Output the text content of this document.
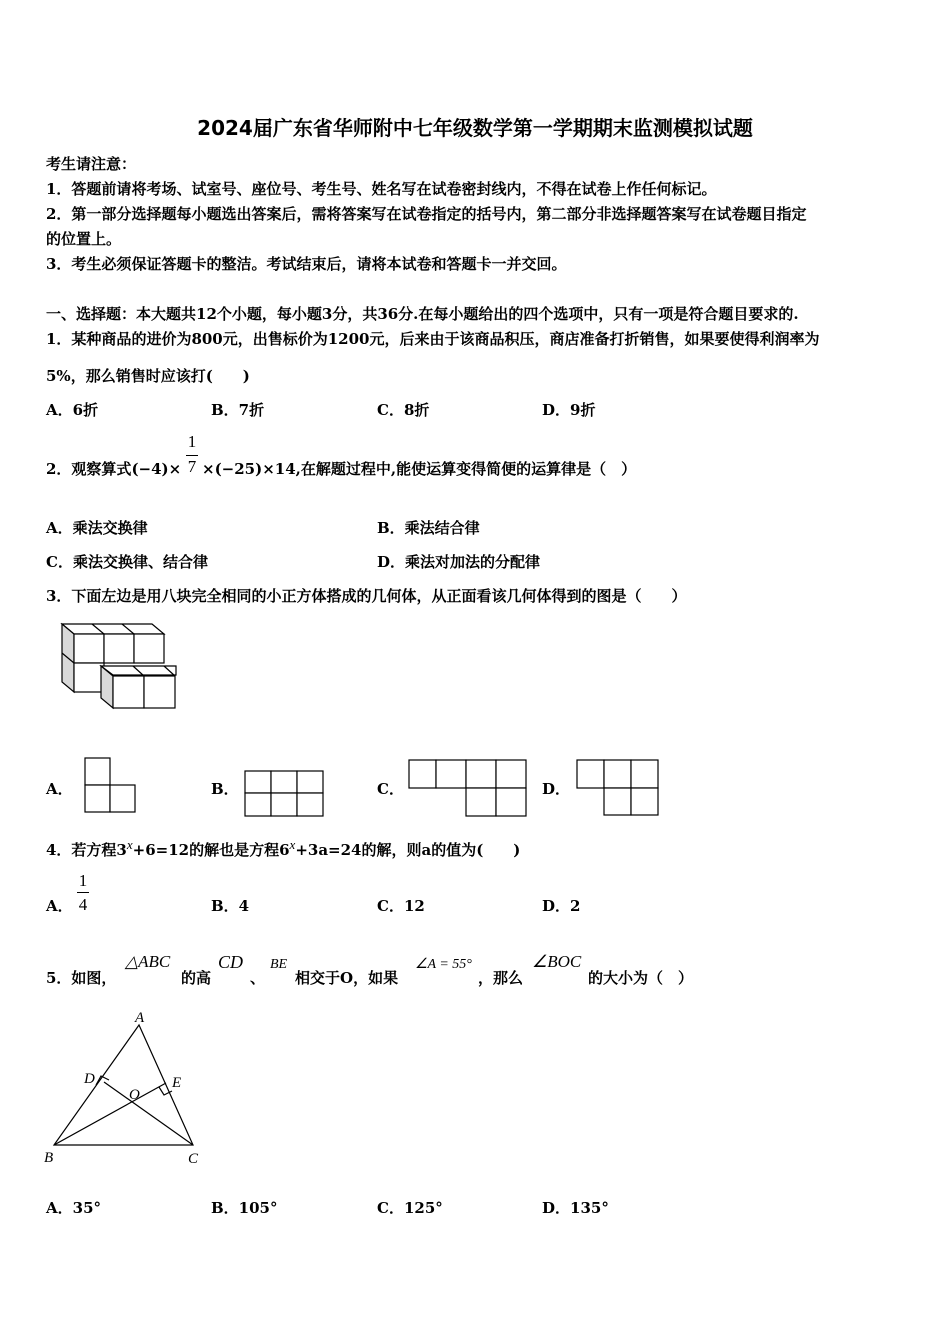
2024届广东省华师附中七年级数学第一学期期末监测模拟试题
考生请注意：
1．答题前请将考场、试室号、座位号、考生号、姓名写在试卷密封线内，不得在试卷上作任何标记。
2．第一部分选择题每小题选出答案后，需将答案写在试卷指定的括号内，第二部分非选择题答案写在试卷题目指定
的位置上。
3．考生必须保证答题卡的整洁。考试结束后，请将本试卷和答题卡一并交回。
一、选择题：本大题共12个小题，每小题3分，共36分.在每小题给出的四个选项中，只有一项是符合题目要求的.
1．某种商品的进价为800元，出售标价为1200元，后来由于该商品积压，商店准备打折销售，如果要使得利润率为
5%，那么销售时应该打(　　)
A．6折	B．7折	C．8折	D．9折
2．观察算式(−4)×
1
7 ×(−25)×14,在解题过程中,能使运算变得简便的运算律是（　）
A．乘法交换律	B．乘法结合律
C．乘法交换律、结合律	D．乘法对加法的分配律
3．下面左边是用八块完全相同的小正方体搭成的几何体，从正面看该几何体得到的图是（　　）
A．	B．	C．	D．
4．若方程$3^x+6=12$的解也是方程$6^x+3a=24$的解，则a的值为(　　)
A．
1
4	B．4	C．12	D．2
5．如图，
△ABC
的高
CD
、
BE
相交于O，如果
∠A = 55°
，那么
∠BOC
的大小为（　）
A
B	C
D	E
O
A．35°	B．105°	C．125°	D．135°
